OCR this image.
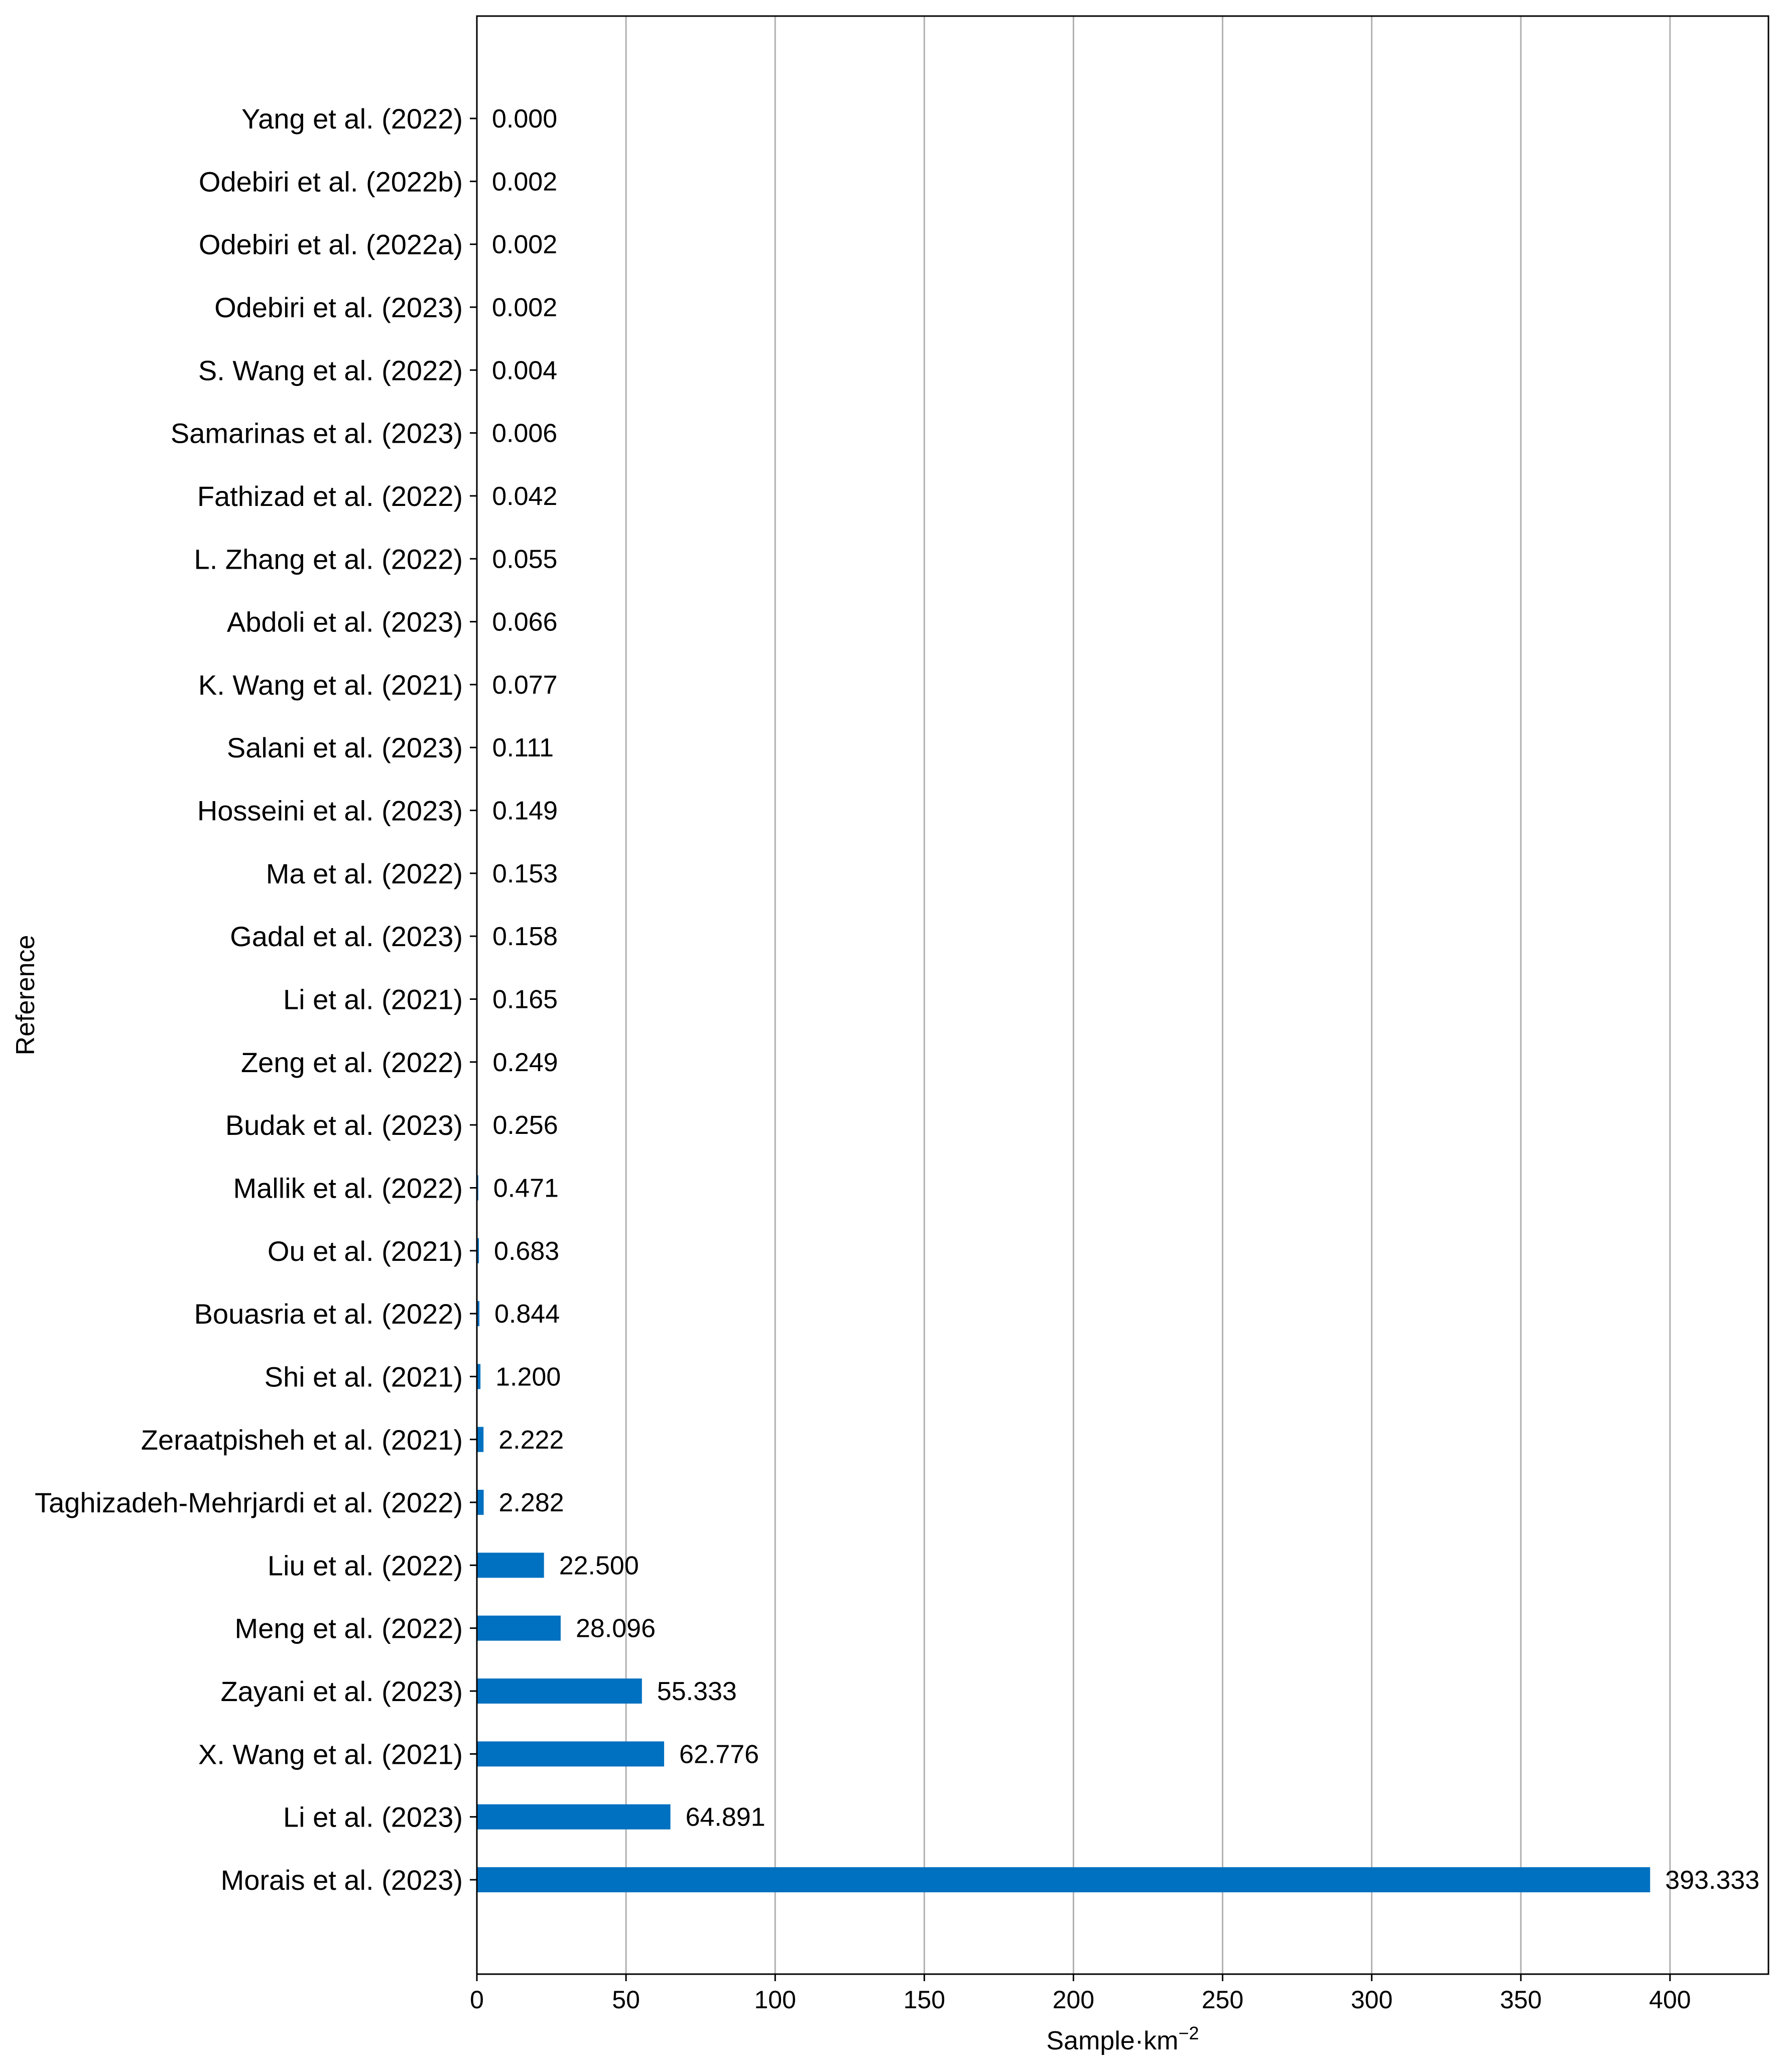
393.333
64.891
62.776
55.333
28.096
22.500
2.282
2.222
1.200
0.844
0.683
0.471
0.256
0.249
0.165
0.158
0.153
0.149
0.111
0.077
0.066
0.055
0.042
0.006
0.004
0.002
0.002
0.002
0.000
Morais et al. (2023)
Li et al. (2023)
X. Wang et al. (2021)
Zayani et al. (2023)
Meng et al. (2022)
Liu et al. (2022)
Taghizadeh-Mehrjardi et al. (2022)
Zeraatpisheh et al. (2021)
Shi et al. (2021)
Bouasria et al. (2022)
Ou et al. (2021)
Mallik et al. (2022)
Budak et al. (2023)
Zeng et al. (2022)
Li et al. (2021)
Gadal et al. (2023)
Ma et al. (2022)
Hosseini et al. (2023)
Salani et al. (2023)
K. Wang et al. (2021)
Abdoli et al. (2023)
L. Zhang et al. (2022)
Fathizad et al. (2022)
Samarinas et al. (2023)
S. Wang et al. (2022)
Odebiri et al. (2023)
Odebiri et al. (2022a)
Odebiri et al. (2022b)
Yang et al. (2022)
0	50	100	150	200	250	300	350	400
$Sample\cdot km^{-2}$
Reference
